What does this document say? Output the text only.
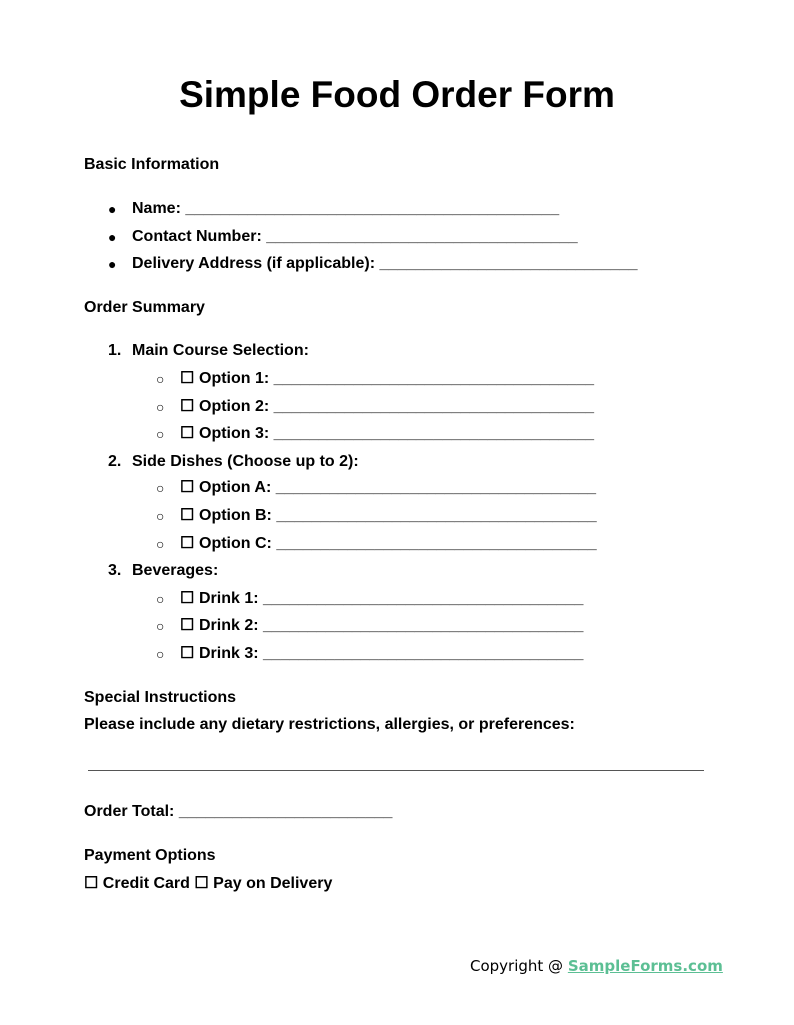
Simple Food Order Form
Basic Information
● Name: __________________________________________
● Contact Number: ___________________________________
● Delivery Address (if applicable): _____________________________
Order Summary
1. Main Course Selection:
○ ☐ Option 1: ____________________________________
○ ☐ Option 2: ____________________________________
○ ☐ Option 3: ____________________________________
2. Side Dishes (Choose up to 2):
○ ☐ Option A: ____________________________________
○ ☐ Option B: ____________________________________
○ ☐ Option C: ____________________________________
3. Beverages:
○ ☐ Drink 1: ____________________________________
○ ☐ Drink 2: ____________________________________
○ ☐ Drink 3: ____________________________________
Special Instructions
Please include any dietary restrictions, allergies, or preferences:
Order Total: ________________________
Payment Options
☐ Credit Card ☐ Pay on Delivery
Copyright @ SampleForms.com
